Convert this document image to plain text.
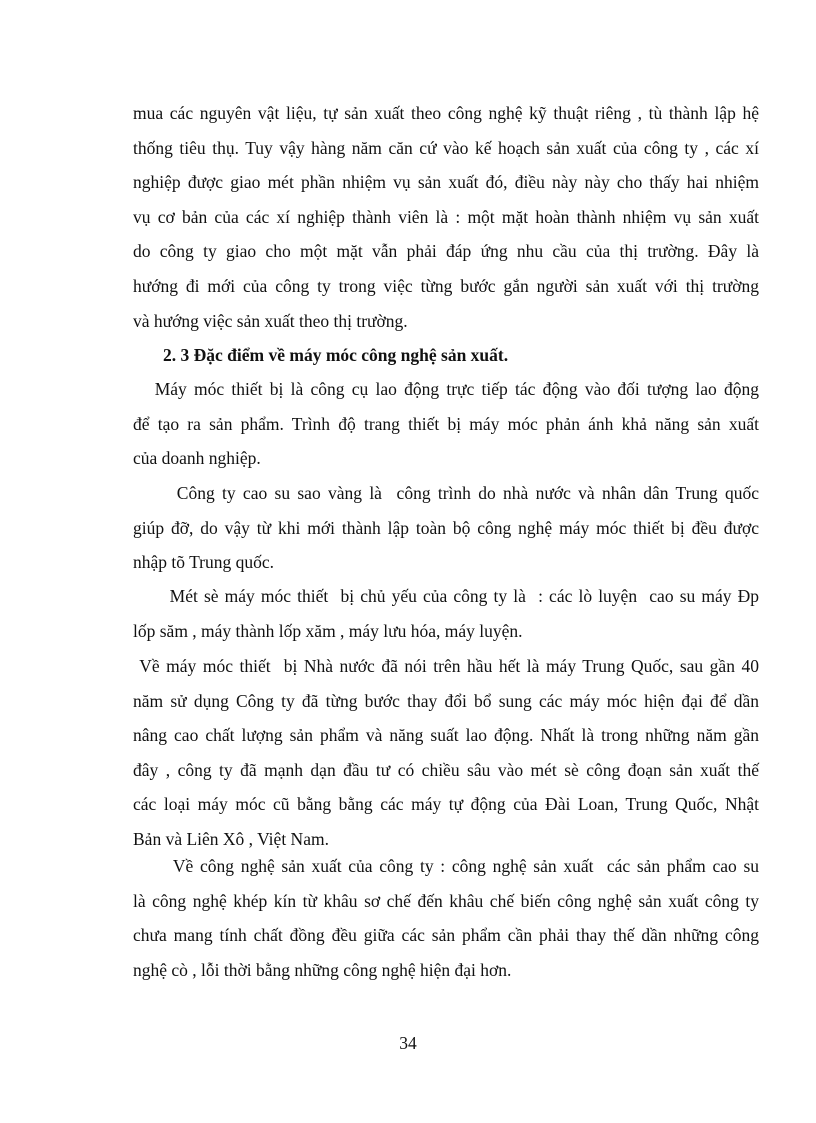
mua các nguyên vật liệu, tự sản xuất theo công nghệ kỹ thuật riêng , tù thành lập hệ
thống tiêu thụ. Tuy vậy hàng năm căn cứ vào kế hoạch sản xuất của công ty , các xí
nghiệp được giao mét phần nhiệm vụ sản xuất đó, điều này này cho thấy hai nhiệm
vụ cơ bản của các xí nghiệp thành viên là : một mặt hoàn thành nhiệm vụ sản xuất
do công ty giao cho một mặt vẫn phải đáp ứng nhu cầu của thị trường. Đây là
hướng đi mới của công ty trong việc từng bước gắn người sản xuất với thị trường
và hướng việc sản xuất theo thị trường.

2. 3 Đặc điểm về máy móc công nghệ sản xuất.

Máy móc thiết bị là công cụ lao động trực tiếp tác động vào đối tượng lao động
để tạo ra sản phẩm. Trình độ trang thiết bị máy móc phản ánh khả năng sản xuất
của doanh nghiệp.
Công ty cao su sao vàng là  công trình do nhà nước và nhân dân Trung quốc
giúp đỡ, do vậy từ khi mới thành lập toàn bộ công nghệ máy móc thiết bị đều được
nhập tõ Trung quốc.
Mét sè máy móc thiết  bị chủ yếu của công ty là  : các lò luyện  cao su máy Đp
lốp săm , máy thành lốp xăm , máy lưu hóa, máy luyện.
Về máy móc thiết  bị Nhà nước đã nói trên hầu hết là máy Trung Quốc, sau gần 40
năm sử dụng Công ty đã từng bước thay đổi bổ sung các máy móc hiện đại để dần
nâng cao chất lượng sản phẩm và năng suất lao động. Nhất là trong những năm gần
đây , công ty đã mạnh dạn đầu tư có chiều sâu vào mét sè công đoạn sản xuất thế
các loại máy móc cũ bằng bằng các máy tự động của Đài Loan, Trung Quốc, Nhật
Bản và Liên Xô , Việt Nam.
Về công nghệ sản xuất của công ty : công nghệ sản xuất  các sản phẩm cao su
là công nghệ khép kín từ khâu sơ chế đến khâu chế biến công nghệ sản xuất công ty
chưa mang tính chất đồng đều giữa các sản phẩm cần phải thay thế dần những công
nghệ cò , lỗi thời bằng những công nghệ hiện đại hơn.
34
